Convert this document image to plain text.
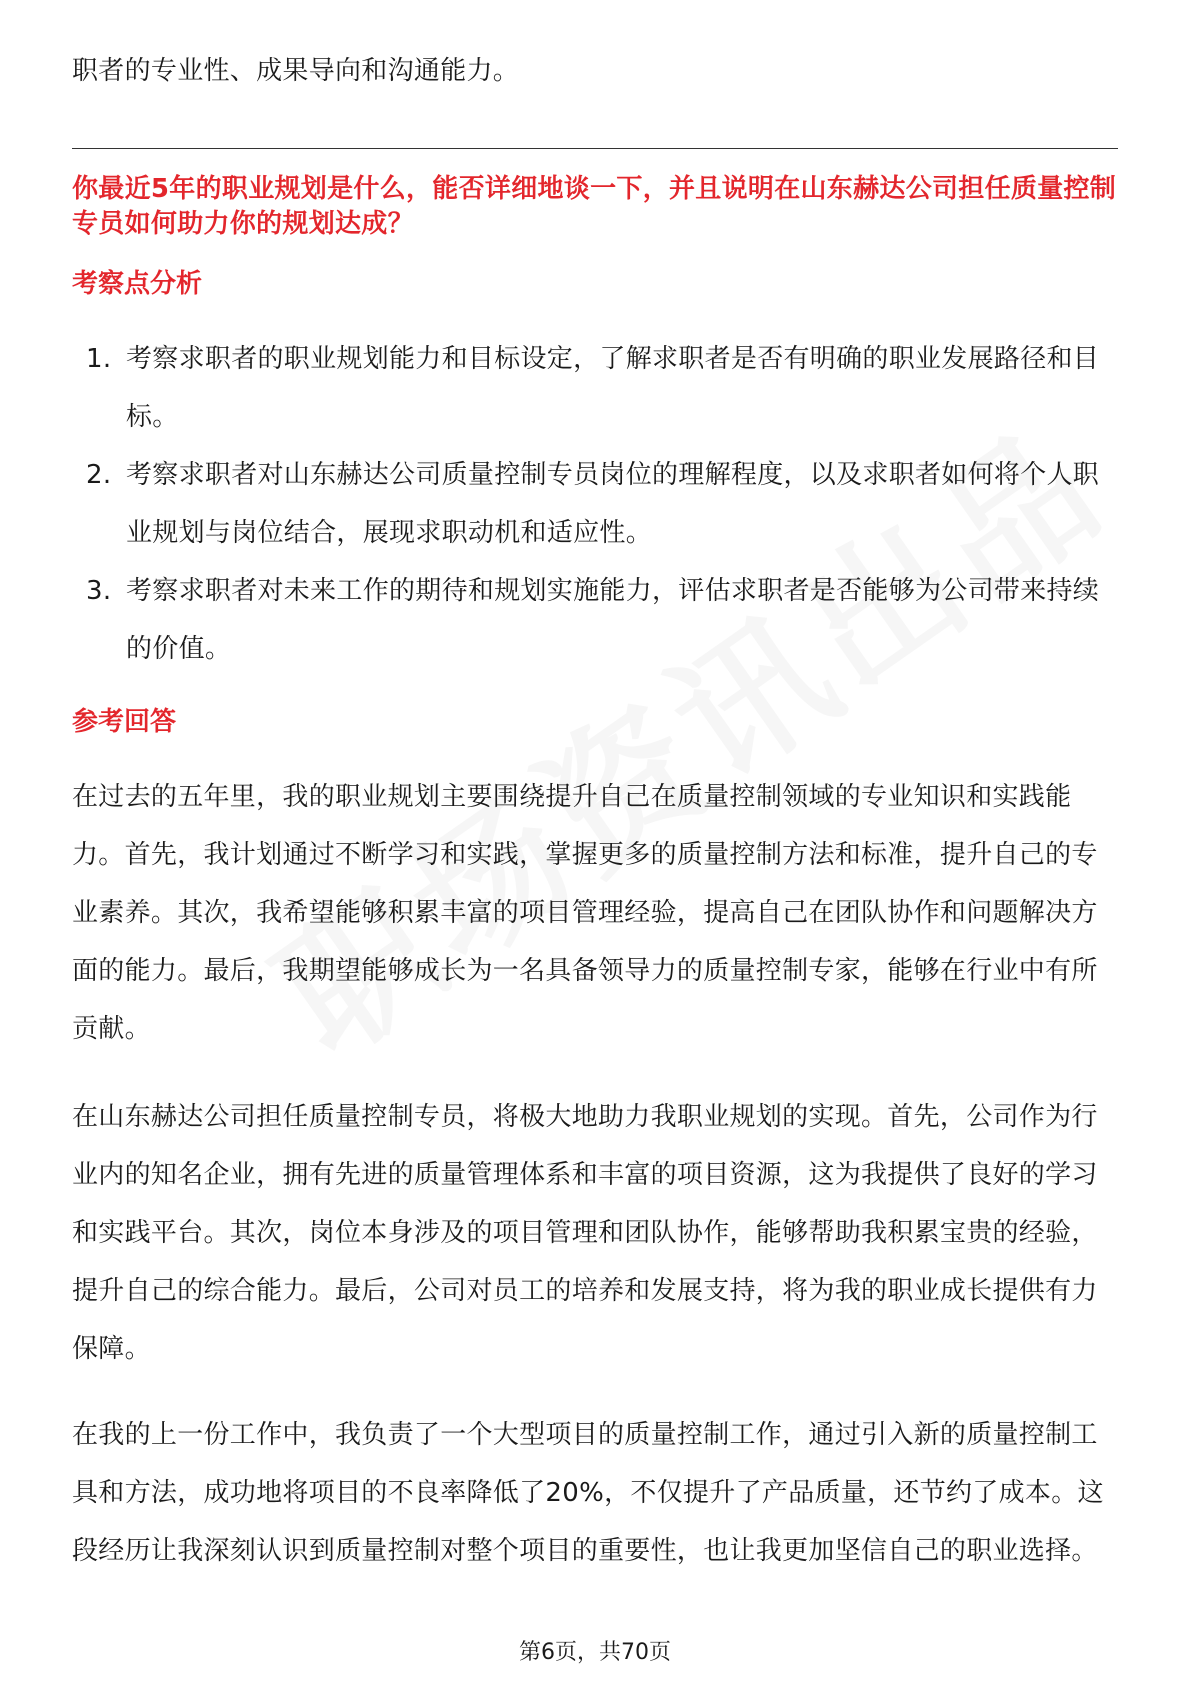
职者的专业性、成果导向和沟通能力。

你最近5年的职业规划是什么，能否详细地谈一下，并且说明在山东赫达公司担任质量控制专员如何助力你的规划达成？

考察点分析
1. 考察求职者的职业规划能力和目标设定，了解求职者是否有明确的职业发展路径和目标。
2. 考察求职者对山东赫达公司质量控制专员岗位的理解程度，以及求职者如何将个人职业规划与岗位结合，展现求职动机和适应性。
3. 考察求职者对未来工作的期待和规划实施能力，评估求职者是否能够为公司带来持续的价值。
参考回答

在过去的五年里，我的职业规划主要围绕提升自己在质量控制领域的专业知识和实践能力。首先，我计划通过不断学习和实践，掌握更多的质量控制方法和标准，提升自己的专业素养。其次，我希望能够积累丰富的项目管理经验，提高自己在团队协作和问题解决方面的能力。最后，我期望能够成长为一名具备领导力的质量控制专家，能够在行业中有所贡献。

在山东赫达公司担任质量控制专员，将极大地助力我职业规划的实现。首先，公司作为行业内的知名企业，拥有先进的质量管理体系和丰富的项目资源，这为我提供了良好的学习和实践平台。其次，岗位本身涉及的项目管理和团队协作，能够帮助我积累宝贵的经验，提升自己的综合能力。最后，公司对员工的培养和发展支持，将为我的职业成长提供有力保障。

在我的上一份工作中，我负责了一个大型项目的质量控制工作，通过引入新的质量控制工具和方法，成功地将项目的不良率降低了20%，不仅提升了产品质量，还节约了成本。这段经历让我深刻认识到质量控制对整个项目的重要性，也让我更加坚信自己的职业选择。

第6页，共70页
